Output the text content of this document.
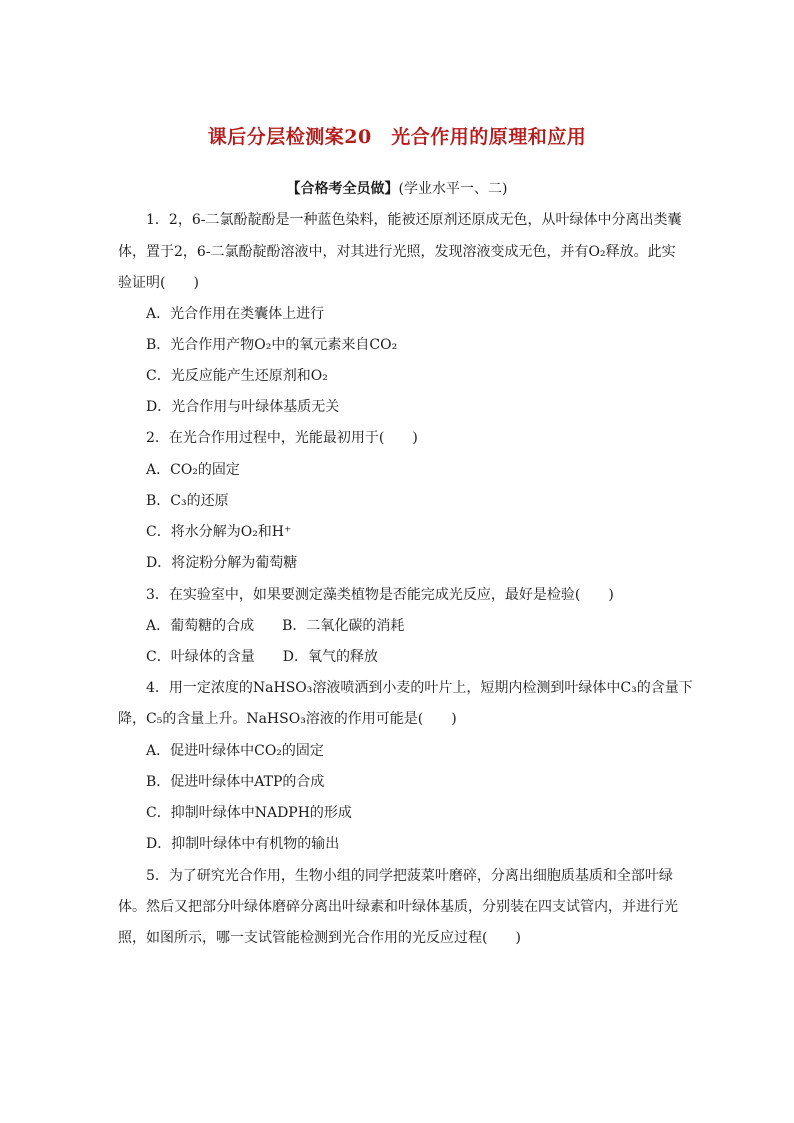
课后分层检测案20　光合作用的原理和应用
【合格考全员做】(学业水平一、二)
1．2，6-二氯酚靛酚是一种蓝色染料，能被还原剂还原成无色，从叶绿体中分离出类囊
体，置于2，6-二氯酚靛酚溶液中，对其进行光照，发现溶液变成无色，并有O₂释放。此实
验证明(　　)
A．光合作用在类囊体上进行
B．光合作用产物O₂中的氧元素来自CO₂
C．光反应能产生还原剂和O₂
D．光合作用与叶绿体基质无关
2．在光合作用过程中，光能最初用于(　　)
A．CO₂的固定
B．C₃的还原
C．将水分解为O₂和H⁺
D．将淀粉分解为葡萄糖
3．在实验室中，如果要测定藻类植物是否能完成光反应，最好是检验(　　)
A．葡萄糖的合成 B．二氧化碳的消耗
C．叶绿体的含量 D．氧气的释放
4．用一定浓度的NaHSO₃溶液喷洒到小麦的叶片上，短期内检测到叶绿体中C₃的含量下
降，C₅的含量上升。NaHSO₃溶液的作用可能是(　　)
A．促进叶绿体中CO₂的固定
B．促进叶绿体中ATP的合成
C．抑制叶绿体中NADPH的形成
D．抑制叶绿体中有机物的输出
5．为了研究光合作用，生物小组的同学把菠菜叶磨碎，分离出细胞质基质和全部叶绿
体。然后又把部分叶绿体磨碎分离出叶绿素和叶绿体基质，分别装在四支试管内，并进行光
照，如图所示，哪一支试管能检测到光合作用的光反应过程(　　)
